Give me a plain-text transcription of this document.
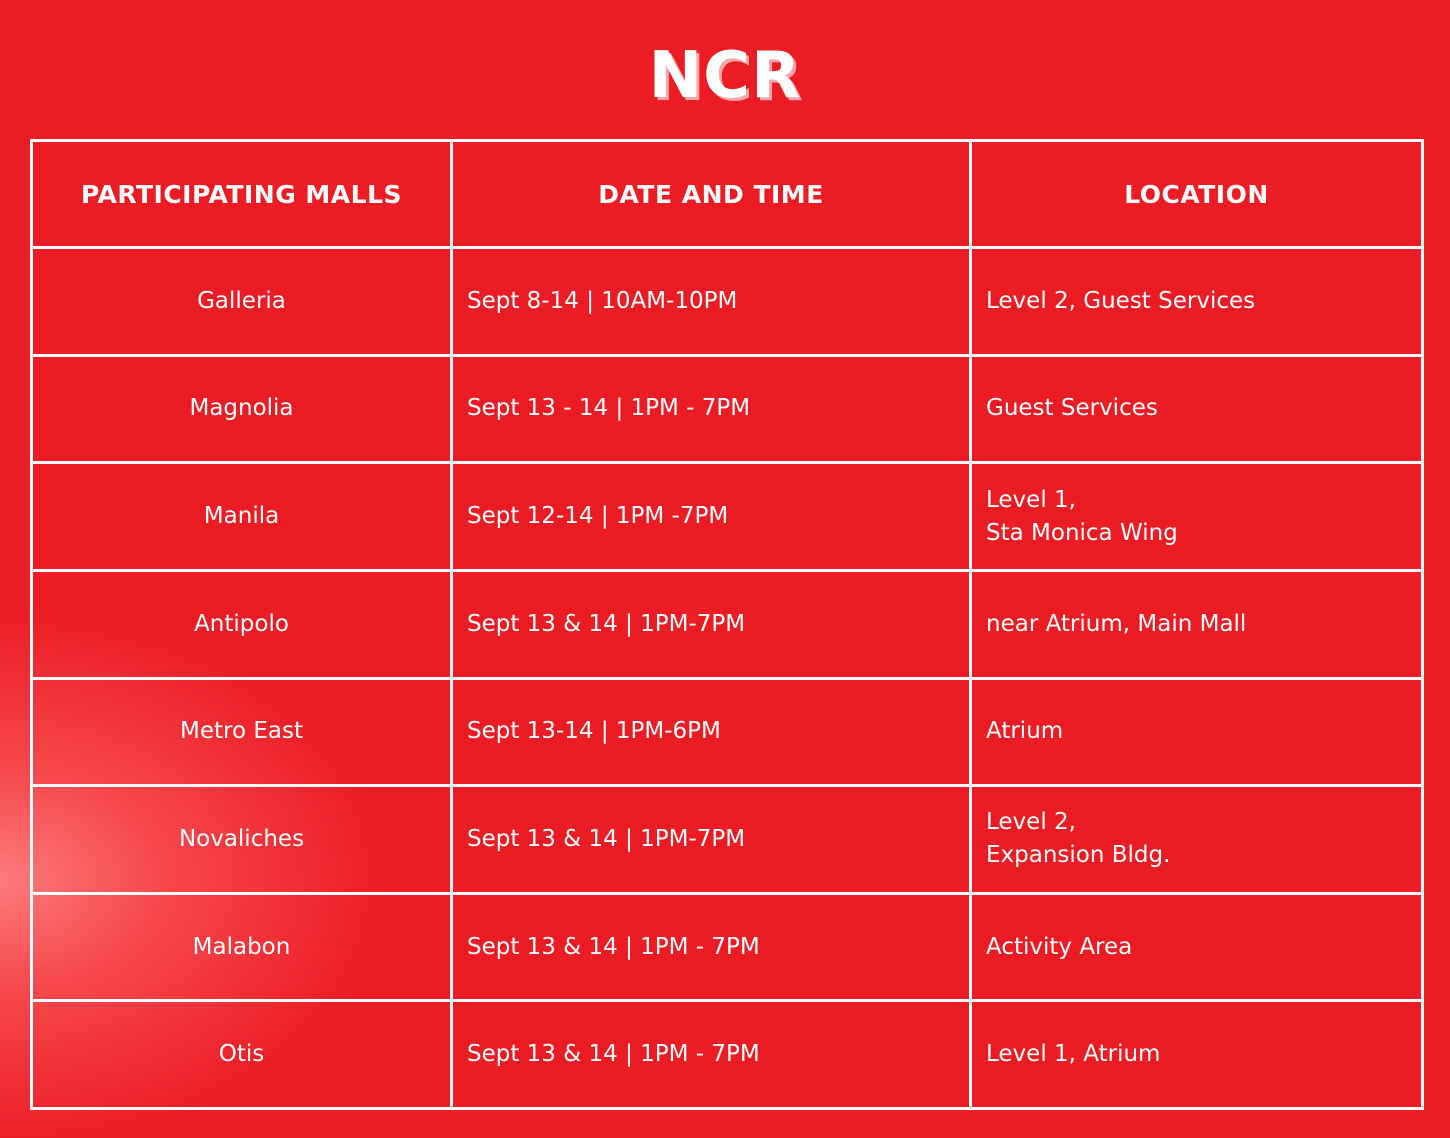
NCR
PARTICIPATING MALLS	DATE AND TIME	LOCATION
Galleria	Sept 8-14 | 10AM-10PM	Level 2, Guest Services

Magnolia	Sept 13 - 14 | 1PM - 7PM	Guest Services

Manila	Sept 12-14 | 1PM -7PM	Level 1,
Sta Monica Wing

Antipolo	Sept 13 & 14 | 1PM-7PM	near Atrium, Main Mall

Metro East	Sept 13-14 | 1PM-6PM	Atrium

Novaliches	Sept 13 & 14 | 1PM-7PM	Level 2,
Expansion Bldg.

Malabon	Sept 13 & 14 | 1PM - 7PM	Activity Area

Otis	Sept 13 & 14 | 1PM - 7PM	Level 1, Atrium
